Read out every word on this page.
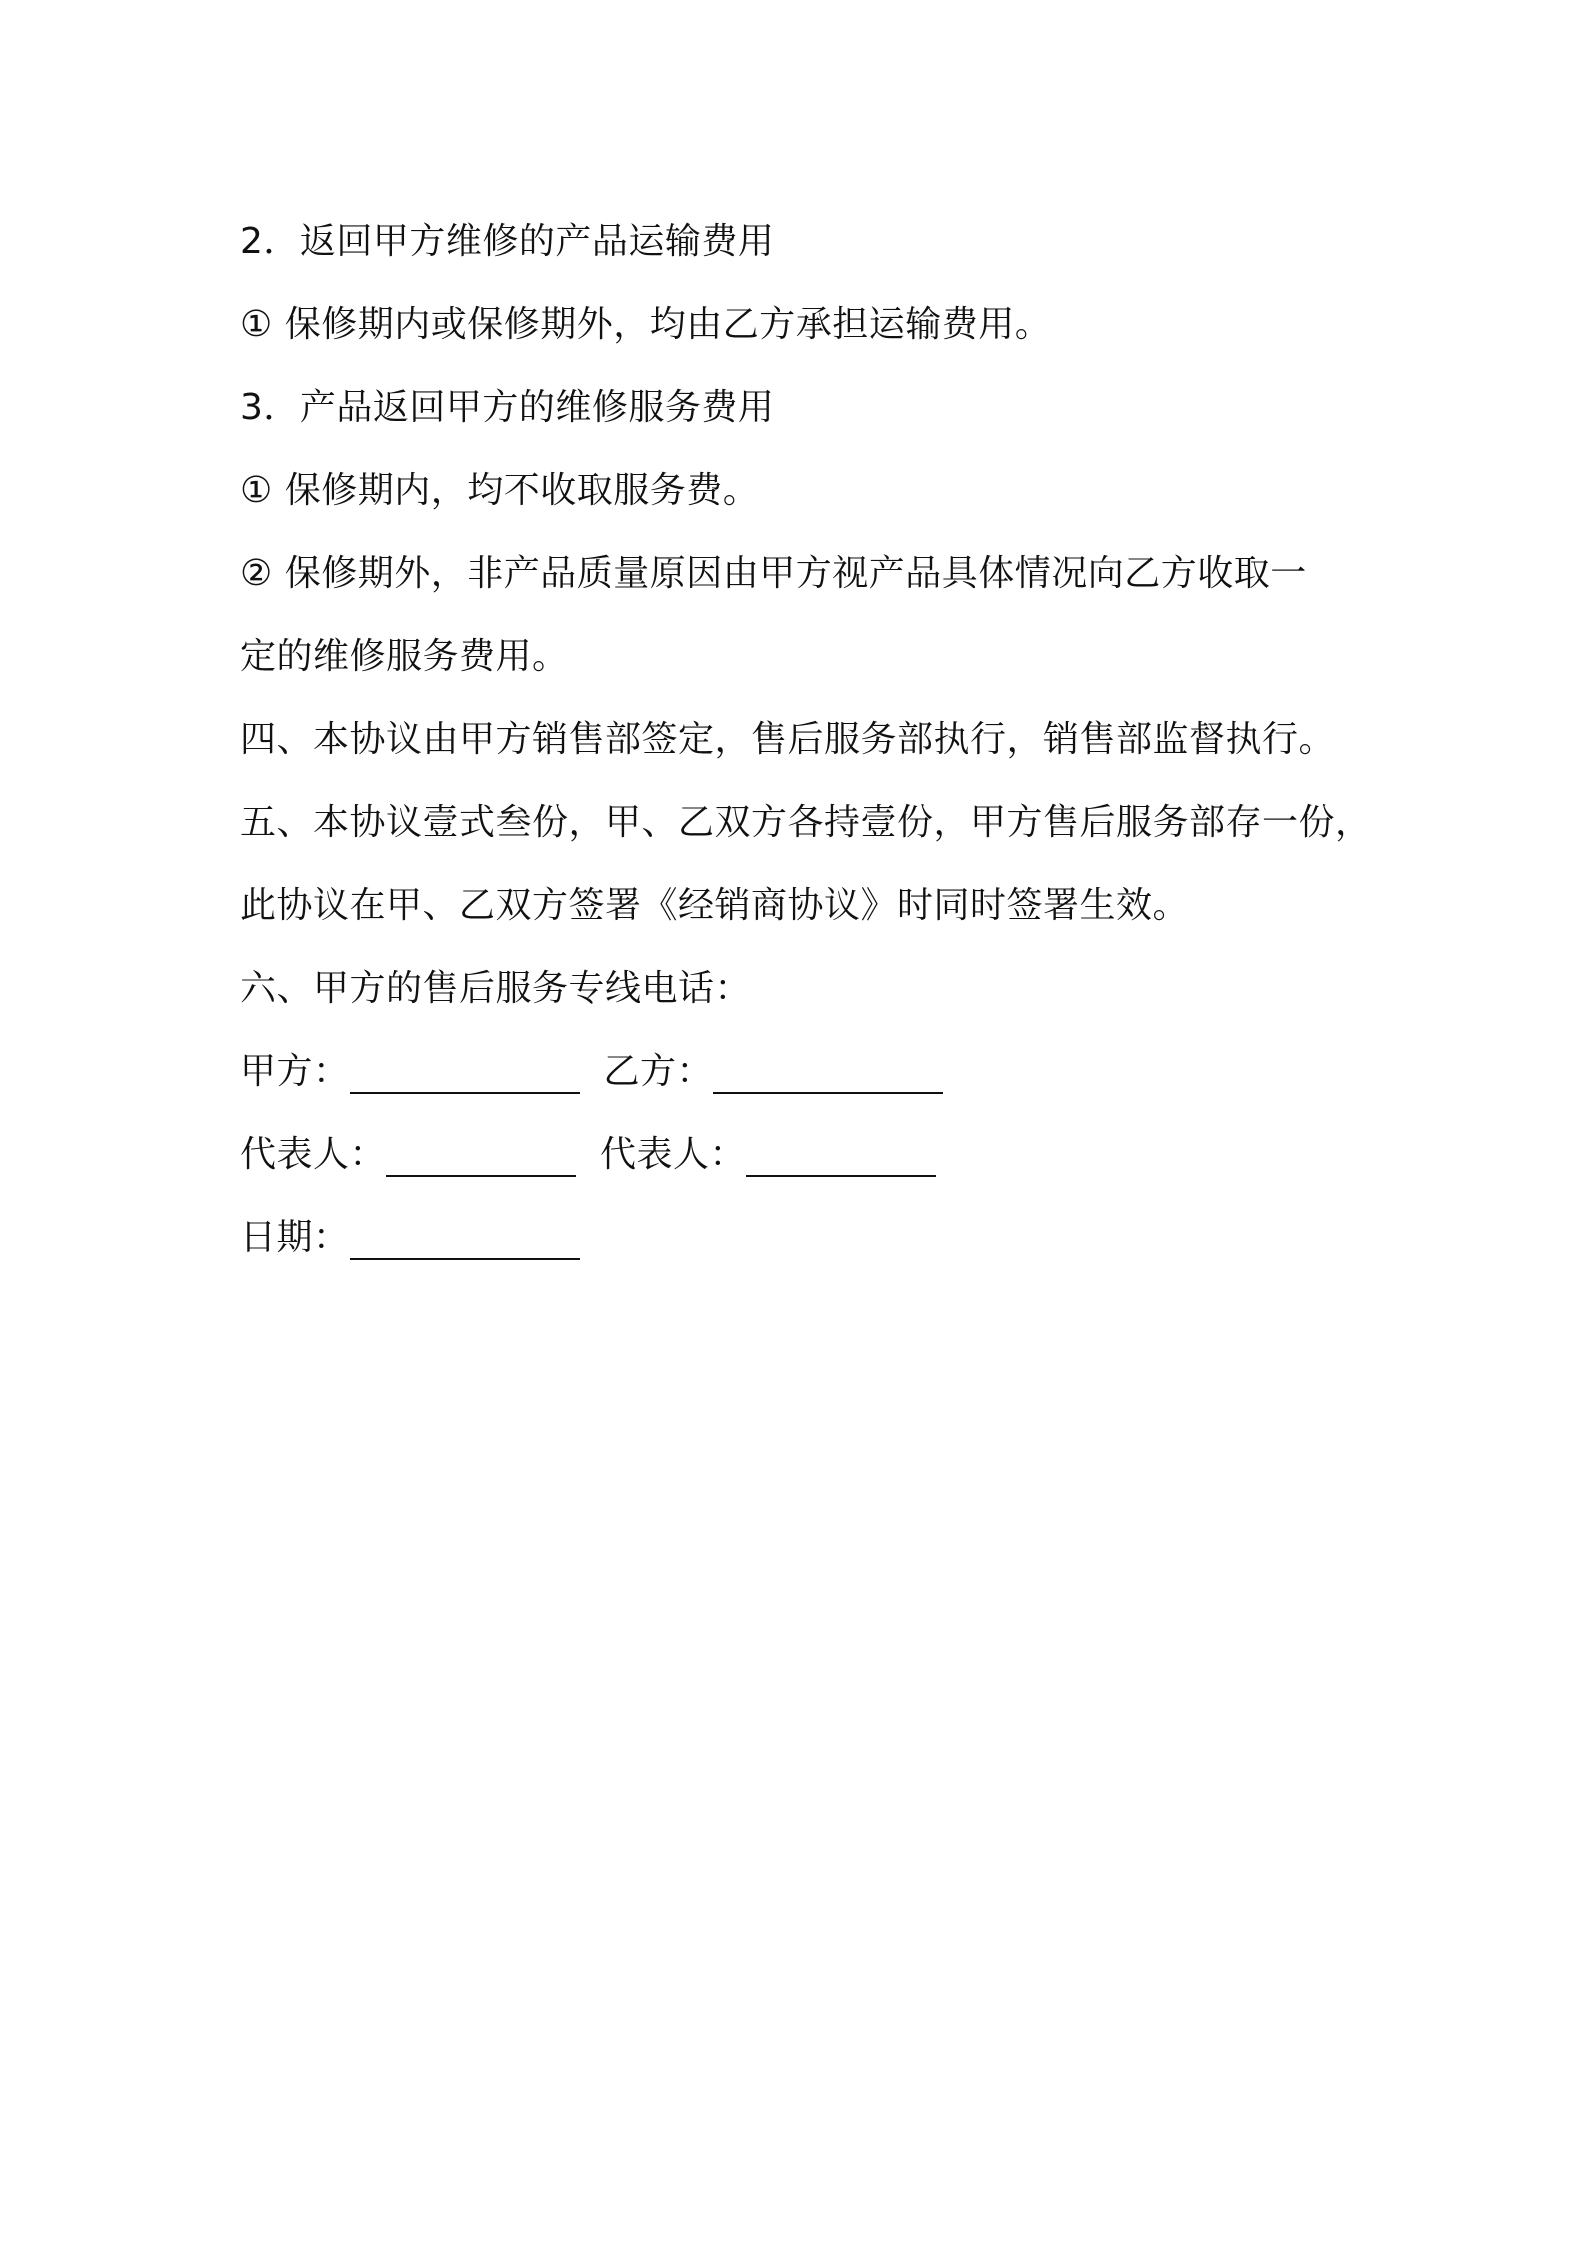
2．返回甲方维修的产品运输费用
① 保修期内或保修期外，均由乙方承担运输费用。
3．产品返回甲方的维修服务费用
① 保修期内，均不收取服务费。
② 保修期外，非产品质量原因由甲方视产品具体情况向乙方收取一
定的维修服务费用。
四、本协议由甲方销售部签定，售后服务部执行，销售部监督执行。
五、本协议壹式叁份，甲、乙双方各持壹份，甲方售后服务部存一份，
此协议在甲、乙双方签署《经销商协议》时同时签署生效。
六、甲方的售后服务专线电话：
甲方：	乙方：
代表人：	代表人：
日期：
